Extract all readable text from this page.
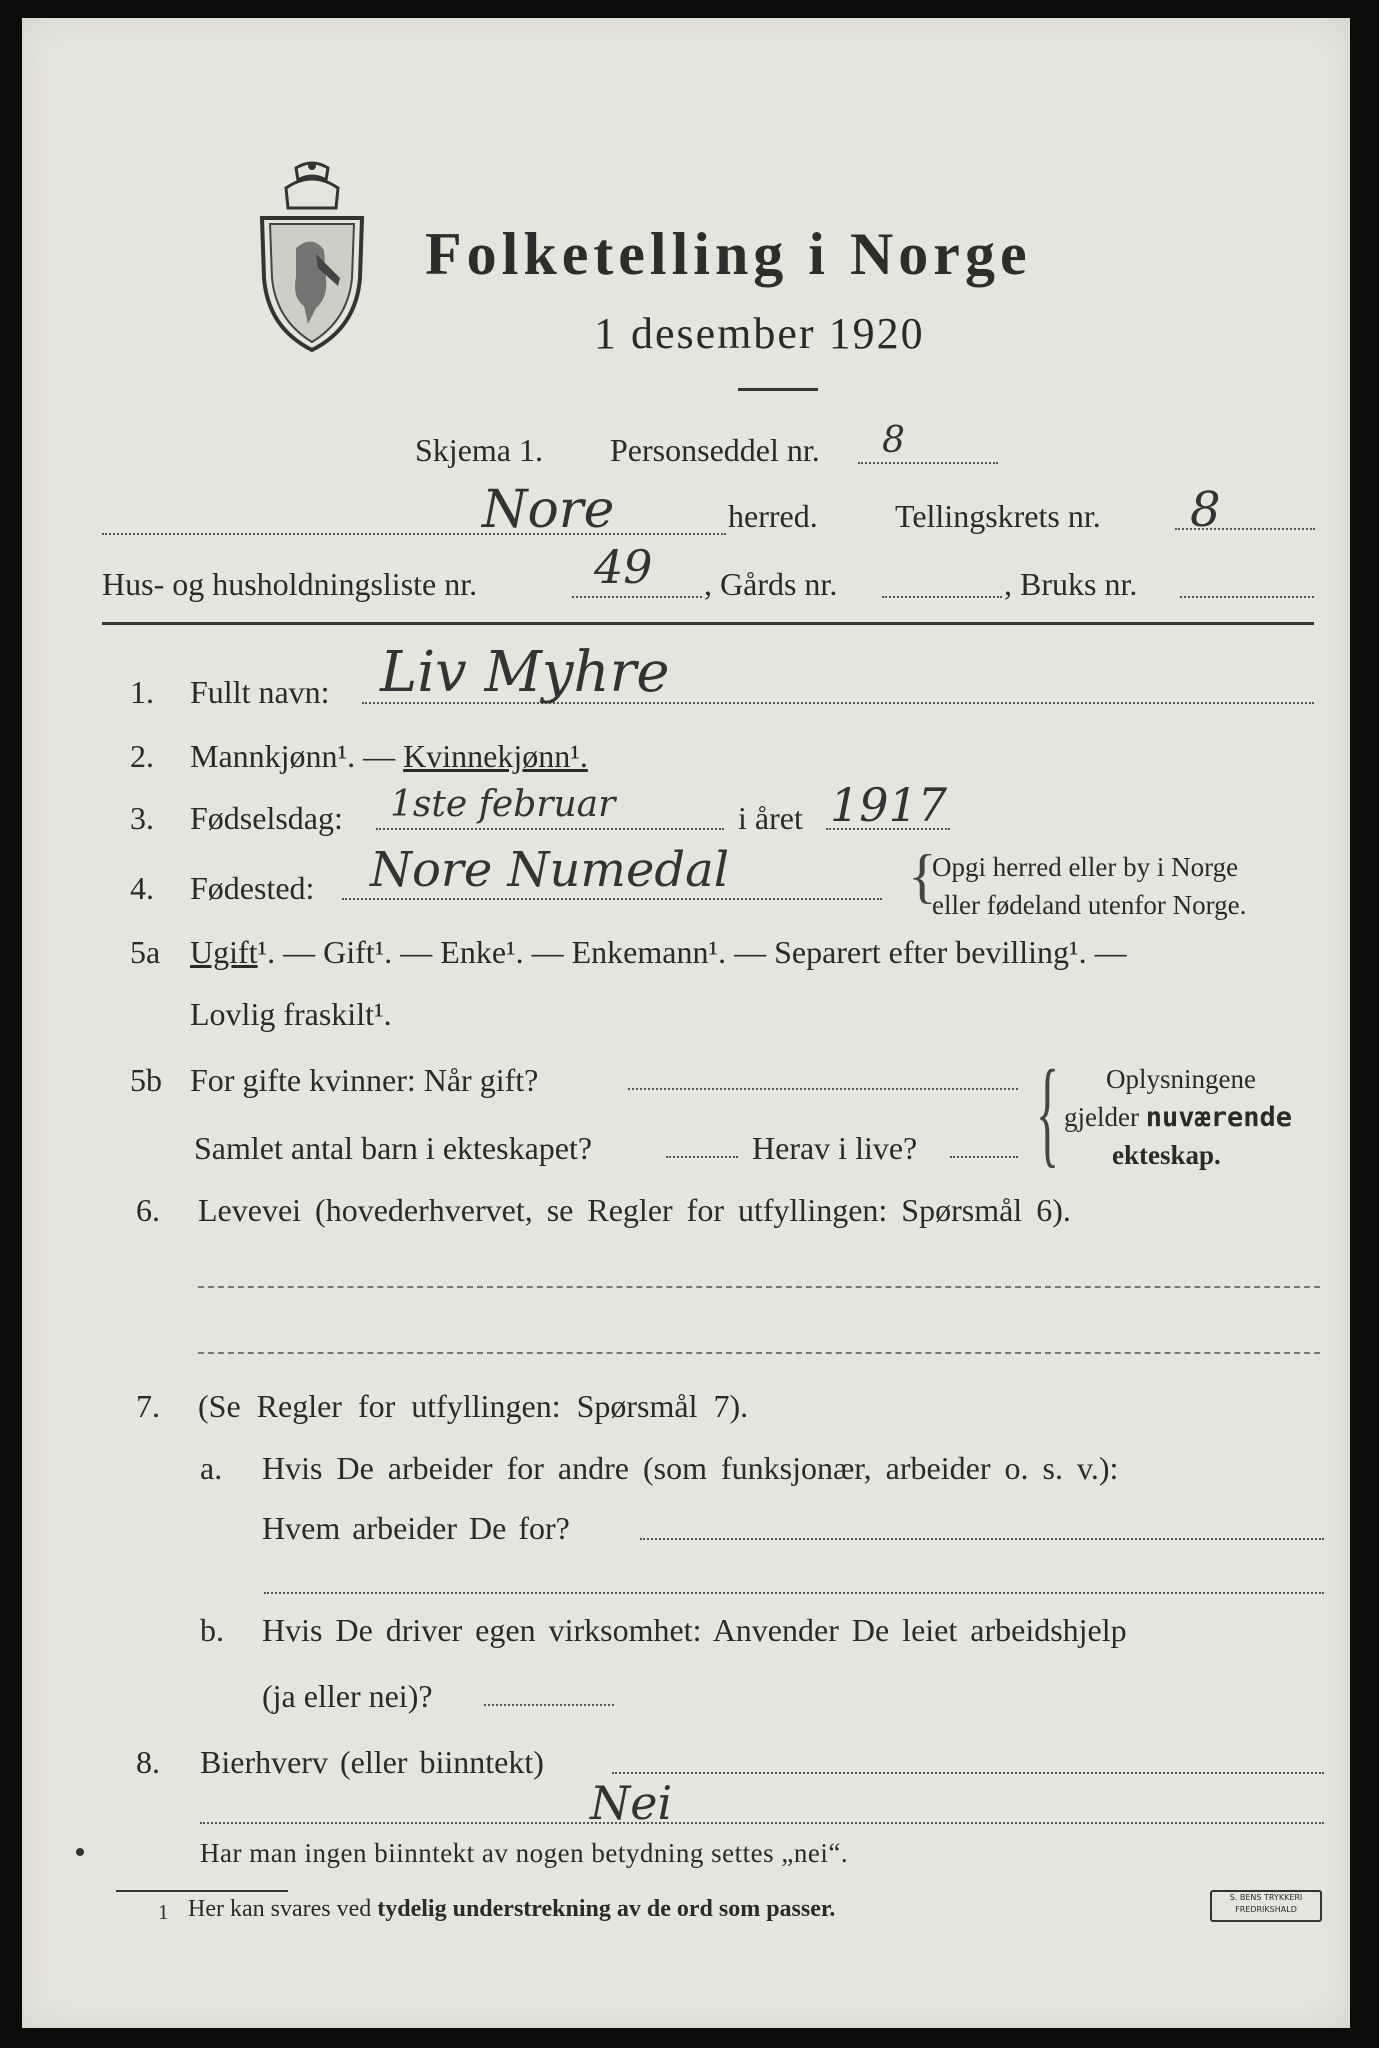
Folketelling i Norge
1 desember 1920
Skjema 1. Personseddel nr. 8
Nore	herred. Tellingskrets nr. 8
Hus- og husholdningsliste nr.	49 , Gårds nr.	, Bruks nr.
1. Fullt navn: Liv Myhre
2. Mannkjønn¹. — Kvinnekjønn¹.
3. Fødselsdag: 1ste februar	i året 1917
4. Fødested: Nore Numedal	{
Opgi herred eller by i Norge
eller fødeland utenfor Norge.
5a Ugift¹. — Gift¹. — Enke¹. — Enkemann¹. — Separert efter bevilling¹. —
Lovlig fraskilt¹.
5b For gifte kvinner: Når gift?
Samlet antal barn i ekteskapet?	Herav i live? { Oplysningene
gjelder nuværende
ekteskap.
6. Levevei (hovederhvervet, se Regler for utfyllingen: Spørsmål 6).
7. (Se Regler for utfyllingen: Spørsmål 7).
a. Hvis De arbeider for andre (som funksjonær, arbeider o. s. v.):
Hvem arbeider De for?
b. Hvis De driver egen virksomhet: Anvender De leiet arbeidshjelp
(ja eller nei)?
8. Bierhverv (eller biinntekt)
Nei
Har man ingen biinntekt av nogen betydning settes „nei“.
1 Her kan svares ved tydelig understrekning av de ord som passer.	S. BENS TRYKKERI
FREDRIKSHALD
